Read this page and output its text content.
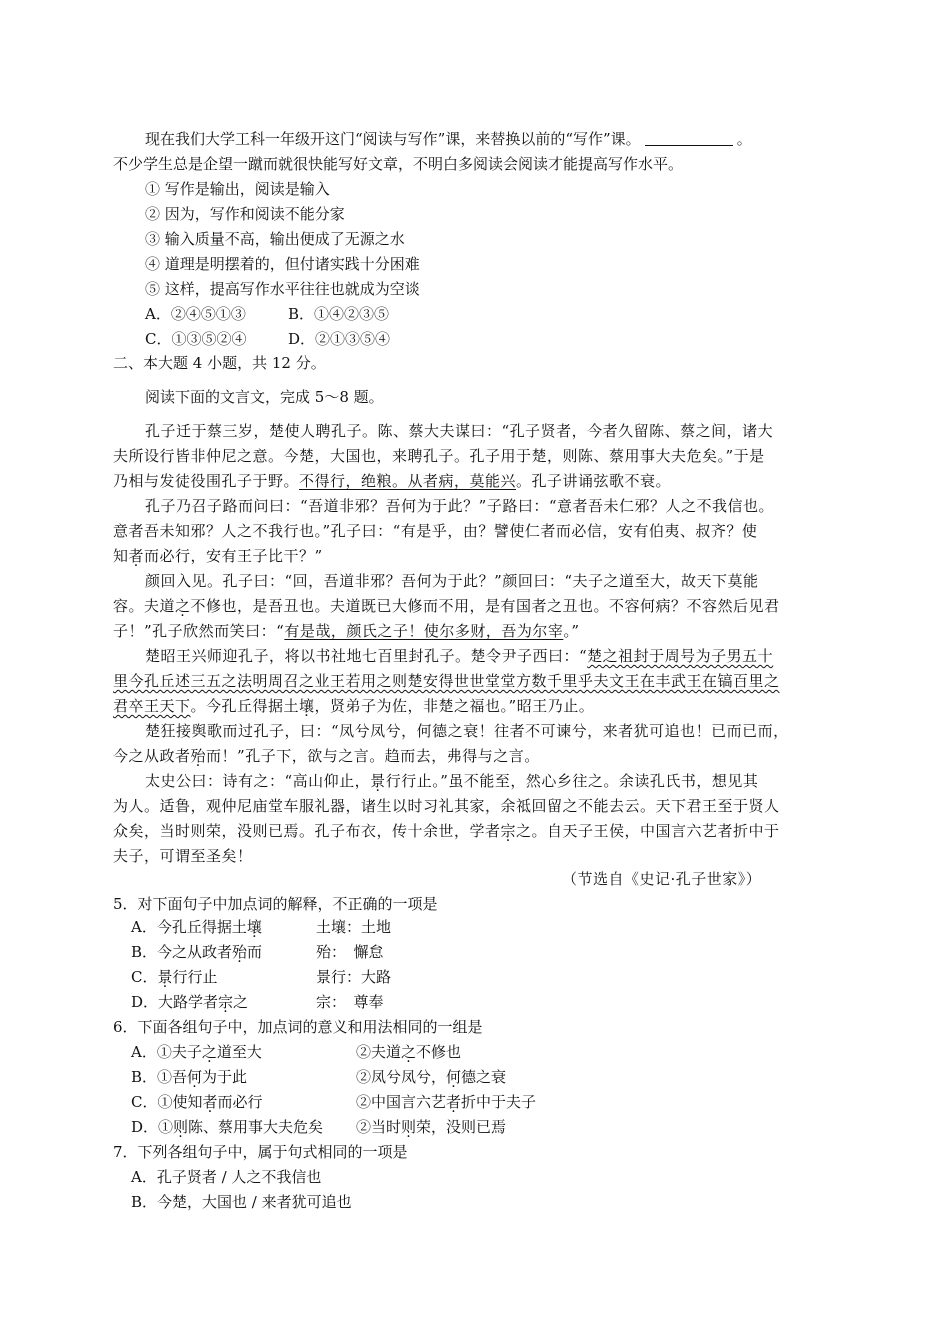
现在我们大学工科一年级开这门“阅读与写作”课，来替换以前的“写作”课。	。
不少学生总是企望一蹴而就很快能写好文章，不明白多阅读会阅读才能提高写作水平。
① 写作是输出，阅读是输入
② 因为，写作和阅读不能分家
③ 输入质量不高，输出便成了无源之水
④ 道理是明摆着的，但付诸实践十分困难
⑤ 这样，提高写作水平往往也就成为空谈
A．②④⑤①③	B．①④②③⑤
C．①③⑤②④	D．②①③⑤④
二、本大题 4 小题，共 12 分。
阅读下面的文言文，完成 5～8 题。
孔子迁于蔡三岁，楚使人聘孔子。陈、蔡大夫谋曰：“孔子贤者，今者久留陈、蔡之间，诸大
夫所设行皆非仲尼之意。今楚，大国也，来聘孔子。孔子用于楚，则陈、蔡用事大夫危矣。”于是
乃相与发徒役围孔子于野。不得行，绝粮。从者病，莫能兴。孔子讲诵弦歌不衰。
孔子乃召子路而问曰：“吾道非邪？吾何为于此？”子路曰：“意者吾未仁邪？人之不我信也。
意者吾未知邪？人之不我行也。”孔子曰：“有是乎，由？譬使仁者而必信，安有伯夷、叔齐？使
知者而必行，安有王子比干？”
颜回入见。孔子曰：“回，吾道非邪？吾何为于此？”颜回曰：“夫子之道至大，故天下莫能
容。夫道之不修也，是吾丑也。夫道既已大修而不用，是有国者之丑也。不容何病？不容然后见君
子！”孔子欣然而笑曰：“有是哉，颜氏之子！使尔多财，吾为尔宰。”
楚昭王兴师迎孔子，将以书社地七百里封孔子。楚令尹子西曰：“楚之祖封于周号为子男五十
里今孔丘述三五之法明周召之业王若用之则楚安得世世堂堂方数千里乎夫文王在丰武王在镐百里之
君卒王天下。今孔丘得据土壤，贤弟子为佐，非楚之福也。”昭王乃止。
楚狂接舆歌而过孔子，曰：“凤兮凤兮，何德之衰！往者不可谏兮，来者犹可追也！已而已而，
今之从政者殆而！”孔子下，欲与之言。趋而去，弗得与之言。
太史公曰：诗有之：“高山仰止，景行行止。”虽不能至，然心乡往之。余读孔氏书，想见其
为人。适鲁，观仲尼庙堂车服礼器，诸生以时习礼其家，余祗回留之不能去云。天下君王至于贤人
众矣，当时则荣，没则已焉。孔子布衣，传十余世，学者宗之。自天子王侯，中国言六艺者折中于
夫子，可谓至圣矣！
（节选自《史记·孔子世家》）
5．对下面句子中加点词的解释，不正确的一项是
A．今孔丘得据土壤	土壤：土地
B．今之从政者殆而	殆：　懈怠
C．景行行止	景行：大路
D．大路学者宗之	宗：　尊奉
6．下面各组句子中，加点词的意义和用法相同的一组是
A．①夫子之道至大	②夫道之不修也
B．①吾何为于此	②凤兮凤兮，何德之衰
C．①使知者而必行	②中国言六艺者折中于夫子
D．①则陈、蔡用事大夫危矣 ②当时则荣，没则已焉
7．下列各组句子中，属于句式相同的一项是
A．孔子贤者 / 人之不我信也
B．今楚，大国也 / 来者犹可追也
